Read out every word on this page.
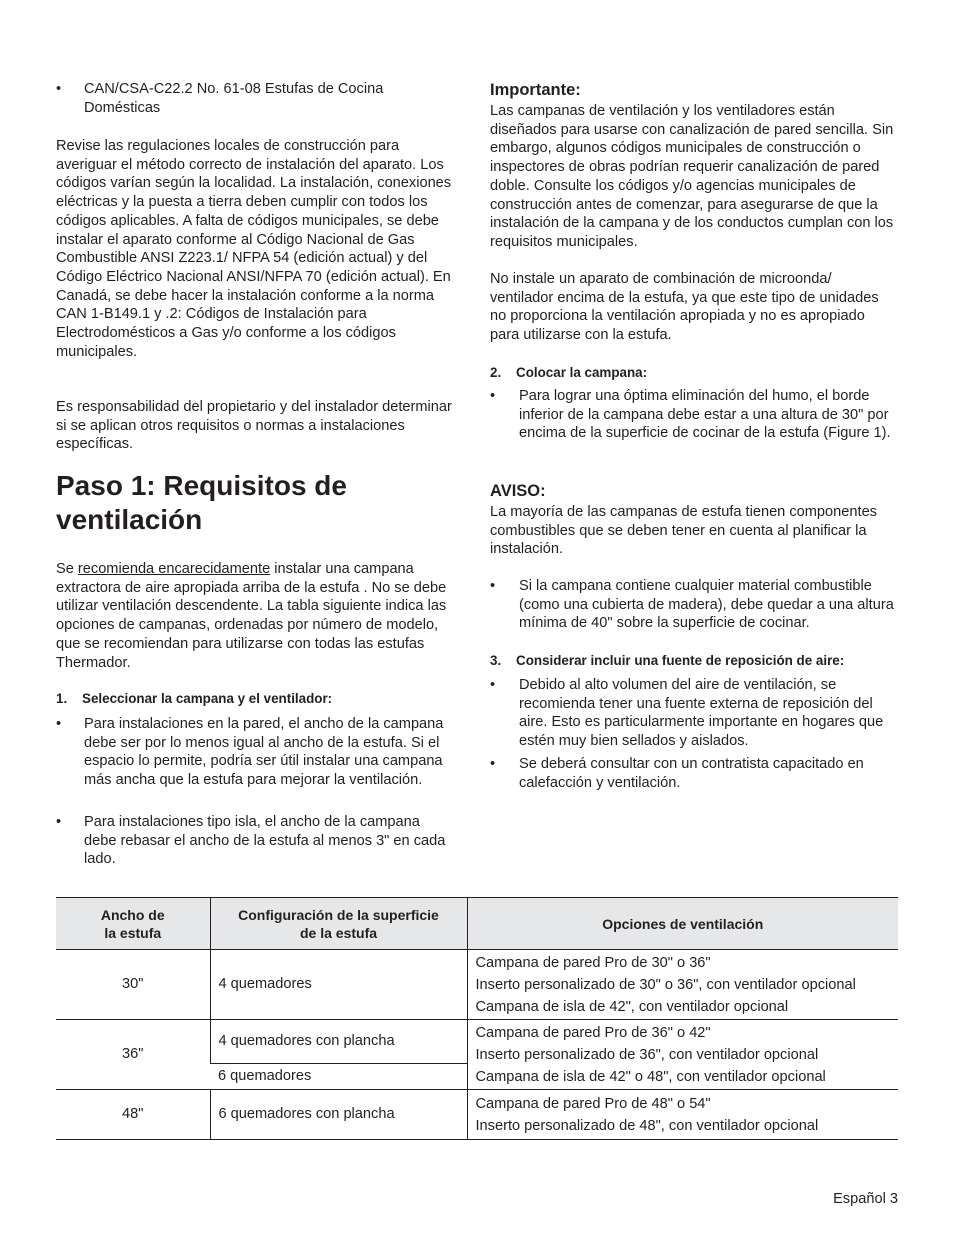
• CAN/CSA-C22.2 No. 61-08 Estufas de Cocina Domésticas

Revise las regulaciones locales de construcción para averiguar el método correcto de instalación del aparato. Los códigos varían según la localidad. La instalación, conexiones eléctricas y la puesta a tierra deben cumplir con todos los códigos aplicables. A falta de códigos municipales, se debe instalar el aparato conforme al Código Nacional de Gas Combustible ANSI Z223.1/ NFPA 54 (edición actual) y del Código Eléctrico Nacional ANSI/NFPA 70 (edición actual). En Canadá, se debe hacer la instalación conforme a la norma CAN 1-B149.1 y .2: Códigos de Instalación para Electrodomésticos a Gas y/o conforme a los códigos municipales.

Es responsabilidad del propietario y del instalador determinar si se aplican otros requisitos o normas a instalaciones específicas.

Paso 1: Requisitos de ventilación

Se recomienda encarecidamente instalar una campana extractora de aire apropiada arriba de la estufa . No se debe utilizar ventilación descendente. La tabla siguiente indica las opciones de campanas, ordenadas por número de modelo, que se recomiendan para utilizarse con todas las estufas Thermador.

1.    Seleccionar la campana y el ventilador:
• Para instalaciones en la pared, el ancho de la campana debe ser por lo menos igual al ancho de la estufa. Si el espacio lo permite, podría ser útil instalar una campana más ancha que la estufa para mejorar la ventilación.

• Para instalaciones tipo isla, el ancho de la campana debe rebasar el ancho de la estufa al menos 3" en cada lado.

Importante:

Las campanas de ventilación y los ventiladores están diseñados para usarse con canalización de pared sencilla. Sin embargo, algunos códigos municipales de construcción o inspectores de obras podrían requerir canalización de pared doble. Consulte los códigos y/o agencias municipales de construcción antes de comenzar, para asegurarse de que la instalación de la campana y de los conductos cumplan con los requisitos municipales.

No instale un aparato de combinación de microonda/ ventilador encima de la estufa, ya que este tipo de unidades no proporciona la ventilación apropiada y no es apropiado para utilizarse con la estufa.

2.    Colocar la campana:
• Para lograr una óptima eliminación del humo, el borde inferior de la campana debe estar a una altura de 30" por encima de la superficie de cocinar de la estufa (Figure 1).

AVISO:

La mayoría de las campanas de estufa tienen componentes combustibles que se deben tener en cuenta al planificar la instalación.

• Si la campana contiene cualquier material combustible (como una cubierta de madera), debe quedar a una altura mínima de 40" sobre la superficie de cocinar.

3.    Considerar incluir una fuente de reposición de aire:
• Debido al alto volumen del aire de ventilación, se recomienda tener una fuente externa de reposición del aire. Esto es particularmente importante en hogares que estén muy bien sellados y aislados.

• Se deberá consultar con un contratista capacitado en calefacción y ventilación.

Ancho de
la estufa	Configuración de la superficie
de la estufa	Opciones de ventilación
30"	4 quemadores	Campana de pared Pro de 30" o 36"
Inserto personalizado de 30" o 36", con ventilador opcional
Campana de isla de 42", con ventilador opcional

36"	4 quemadores con plancha	Campana de pared Pro de 36" o 42"
Inserto personalizado de 36", con ventilador opcional
Campana de isla de 42" o 48", con ventilador opcional

	6 quemadores	
48"	6 quemadores con plancha	Campana de pared Pro de 48" o 54"
Inserto personalizado de 48", con ventilador opcional
Español 3
